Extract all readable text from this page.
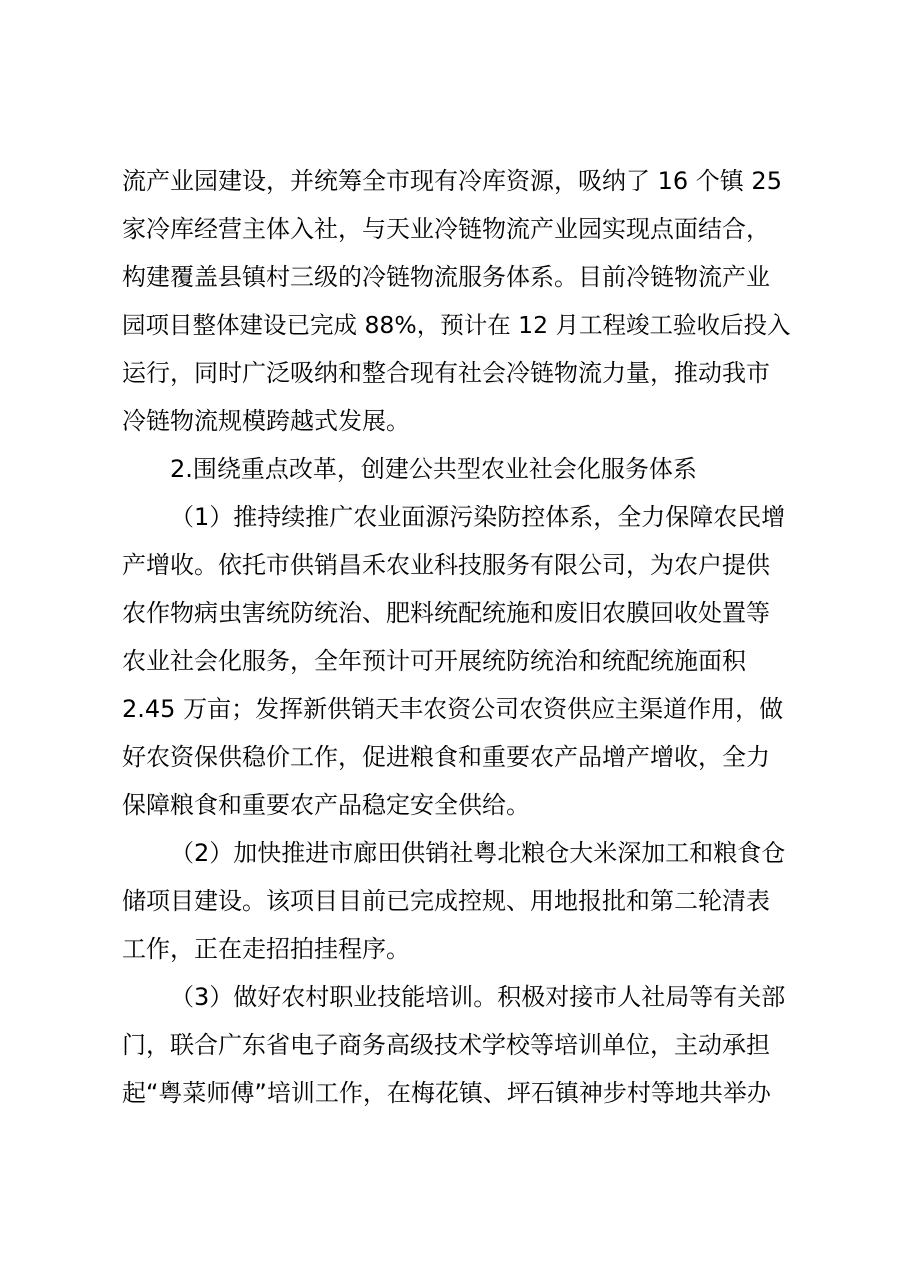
流产业园建设，并统筹全市现有冷库资源，吸纳了 16 个镇 25
家冷库经营主体入社，与天业冷链物流产业园实现点面结合，
构建覆盖县镇村三级的冷链物流服务体系。目前冷链物流产业
园项目整体建设已完成 88%，预计在 12 月工程竣工验收后投入
运行，同时广泛吸纳和整合现有社会冷链物流力量，推动我市
冷链物流规模跨越式发展。
2.围绕重点改革，创建公共型农业社会化服务体系
（1）推持续推广农业面源污染防控体系，全力保障农民增
产增收。依托市供销昌禾农业科技服务有限公司，为农户提供
农作物病虫害统防统治、肥料统配统施和废旧农膜回收处置等
农业社会化服务，全年预计可开展统防统治和统配统施面积
2.45 万亩；发挥新供销天丰农资公司农资供应主渠道作用，做
好农资保供稳价工作，促进粮食和重要农产品增产增收，全力
保障粮食和重要农产品稳定安全供给。
（2）加快推进市廊田供销社粤北粮仓大米深加工和粮食仓
储项目建设。该项目目前已完成控规、用地报批和第二轮清表
工作，正在走招拍挂程序。
（3）做好农村职业技能培训。积极对接市人社局等有关部
门，联合广东省电子商务高级技术学校等培训单位，主动承担
起“粤菜师傅”培训工作，在梅花镇、坪石镇神步村等地共举办
